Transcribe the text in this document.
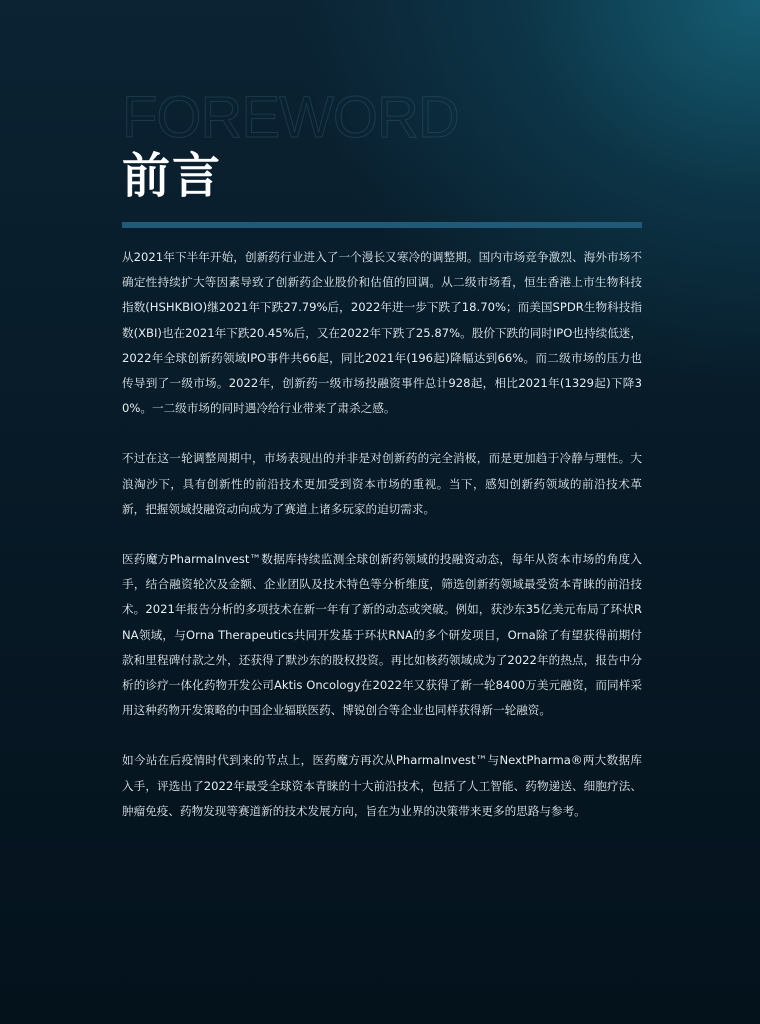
FOREWORD
前言

从2021年下半年开始，创新药行业进入了一个漫长又寒冷的调整期。国内市场竞争激烈、海外市场不确定性持续扩大等因素导致了创新药企业股价和估值的回调。从二级市场看，恒生香港上市生物科技指数(HSHKBIO)继2021年下跌27.79%后，2022年进一步下跌了18.70%；而美国SPDR生物科技指数(XBI)也在2021年下跌20.45%后，又在2022年下跌了25.87%。股价下跌的同时IPO也持续低迷，2022年全球创新药领域IPO事件共66起，同比2021年(196起)降幅达到66%。而二级市场的压力也传导到了一级市场。2022年，创新药一级市场投融资事件总计928起，相比2021年(1329起)下降30%。一二级市场的同时遇冷给行业带来了肃杀之感。

不过在这一轮调整周期中，市场表现出的并非是对创新药的完全消极，而是更加趋于冷静与理性。大浪淘沙下，具有创新性的前沿技术更加受到资本市场的重视。当下，感知创新药领域的前沿技术革新，把握领域投融资动向成为了赛道上诸多玩家的迫切需求。

医药魔方PharmaInvest™数据库持续监测全球创新药领域的投融资动态，每年从资本市场的角度入手，结合融资轮次及金额、企业团队及技术特色等分析维度，筛选创新药领域最受资本青睐的前沿技术。2021年报告分析的多项技术在新一年有了新的动态或突破。例如，获沙东35亿美元布局了环状RNA领域，与Orna Therapeutics共同开发基于环状RNA的多个研发项目，Orna除了有望获得前期付款和里程碑付款之外，还获得了默沙东的股权投资。再比如核药领域成为了2022年的热点，报告中分析的诊疗一体化药物开发公司Aktis Oncology在2022年又获得了新一轮8400万美元融资，而同样采用这种药物开发策略的中国企业辐联医药、博锐创合等企业也同样获得新一轮融资。

如今站在后疫情时代到来的节点上，医药魔方再次从PharmaInvest™与NextPharma®两大数据库入手，评选出了2022年最受全球资本青睐的十大前沿技术，包括了人工智能、药物递送、细胞疗法、肿瘤免疫、药物发现等赛道新的技术发展方向，旨在为业界的决策带来更多的思路与参考。
